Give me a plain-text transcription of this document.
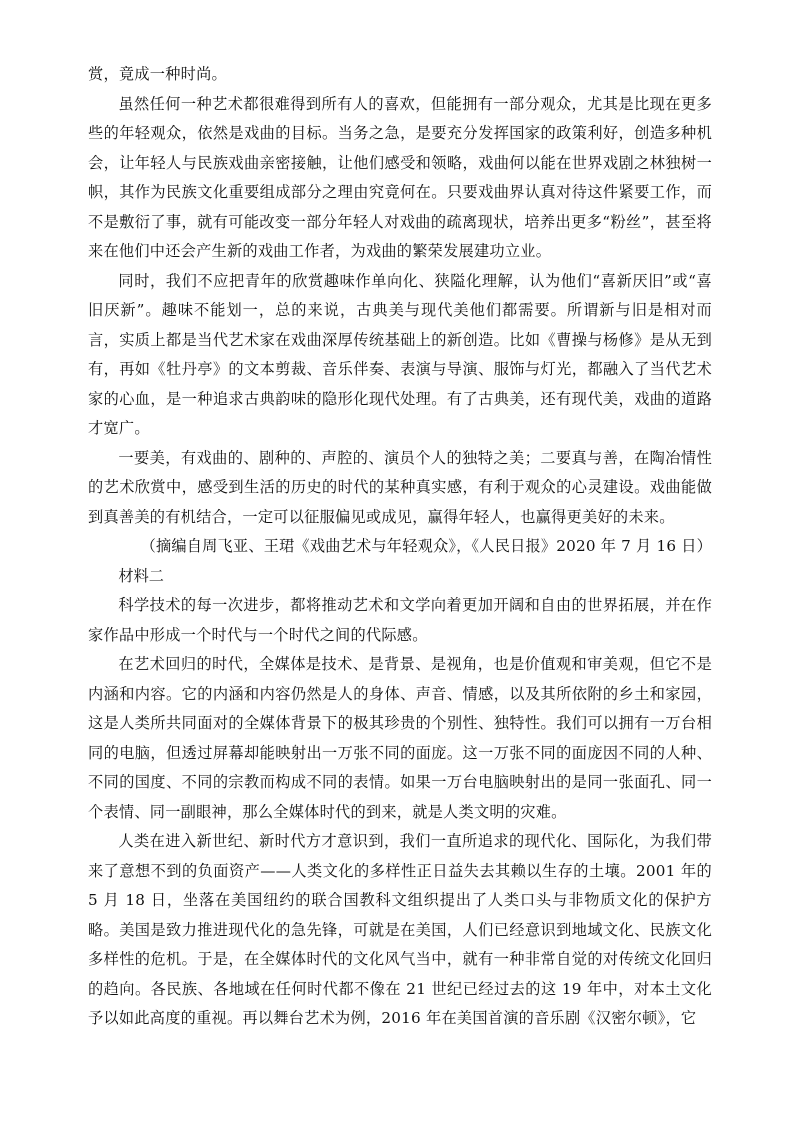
赏，竟成一种时尚。

虽然任何一种艺术都很难得到所有人的喜欢，但能拥有一部分观众，尤其是比现在更多些的年轻观众，依然是戏曲的目标。当务之急，是要充分发挥国家的政策利好，创造多种机会，让年轻人与民族戏曲亲密接触，让他们感受和领略，戏曲何以能在世界戏剧之林独树一帜，其作为民族文化重要组成部分之理由究竟何在。只要戏曲界认真对待这件紧要工作，而不是敷衍了事，就有可能改变一部分年轻人对戏曲的疏离现状，培养出更多“粉丝”，甚至将来在他们中还会产生新的戏曲工作者，为戏曲的繁荣发展建功立业。

同时，我们不应把青年的欣赏趣味作单向化、狭隘化理解，认为他们“喜新厌旧”或“喜旧厌新”。趣味不能划一，总的来说，古典美与现代美他们都需要。所谓新与旧是相对而言，实质上都是当代艺术家在戏曲深厚传统基础上的新创造。比如《曹操与杨修》是从无到有，再如《牡丹亭》的文本剪裁、音乐伴奏、表演与导演、服饰与灯光，都融入了当代艺术家的心血，是一种追求古典韵味的隐形化现代处理。有了古典美，还有现代美，戏曲的道路才宽广。

一要美，有戏曲的、剧种的、声腔的、演员个人的独特之美；二要真与善，在陶冶情性的艺术欣赏中，感受到生活的历史的时代的某种真实感，有利于观众的心灵建设。戏曲能做到真善美的有机结合，一定可以征服偏见或成见，赢得年轻人，也赢得更美好的未来。

（摘编自周飞亚、王珺《戏曲艺术与年轻观众》，《人民日报》2020 年 7 月 16 日）

材料二

科学技术的每一次进步，都将推动艺术和文学向着更加开阔和自由的世界拓展，并在作家作品中形成一个时代与一个时代之间的代际感。

在艺术回归的时代，全媒体是技术、是背景、是视角，也是价值观和审美观，但它不是内涵和内容。它的内涵和内容仍然是人的身体、声音、情感，以及其所依附的乡土和家园，这是人类所共同面对的全媒体背景下的极其珍贵的个别性、独特性。我们可以拥有一万台相同的电脑，但透过屏幕却能映射出一万张不同的面庞。这一万张不同的面庞因不同的人种、不同的国度、不同的宗教而构成不同的表情。如果一万台电脑映射出的是同一张面孔、同一个表情、同一副眼神，那么全媒体时代的到来，就是人类文明的灾难。

人类在进入新世纪、新时代方才意识到，我们一直所追求的现代化、国际化，为我们带来了意想不到的负面资产——人类文化的多样性正日益失去其赖以生存的土壤。2001 年的 5 月 18 日，坐落在美国纽约的联合国教科文组织提出了人类口头与非物质文化的保护方略。美国是致力推进现代化的急先锋，可就是在美国，人们已经意识到地域文化、民族文化多样性的危机。于是，在全媒体时代的文化风气当中，就有一种非常自觉的对传统文化回归的趋向。各民族、各地域在任何时代都不像在 21 世纪已经过去的这 19 年中，对本土文化予以如此高度的重视。再以舞台艺术为例，2016 年在美国首演的音乐剧《汉密尔顿》，它
